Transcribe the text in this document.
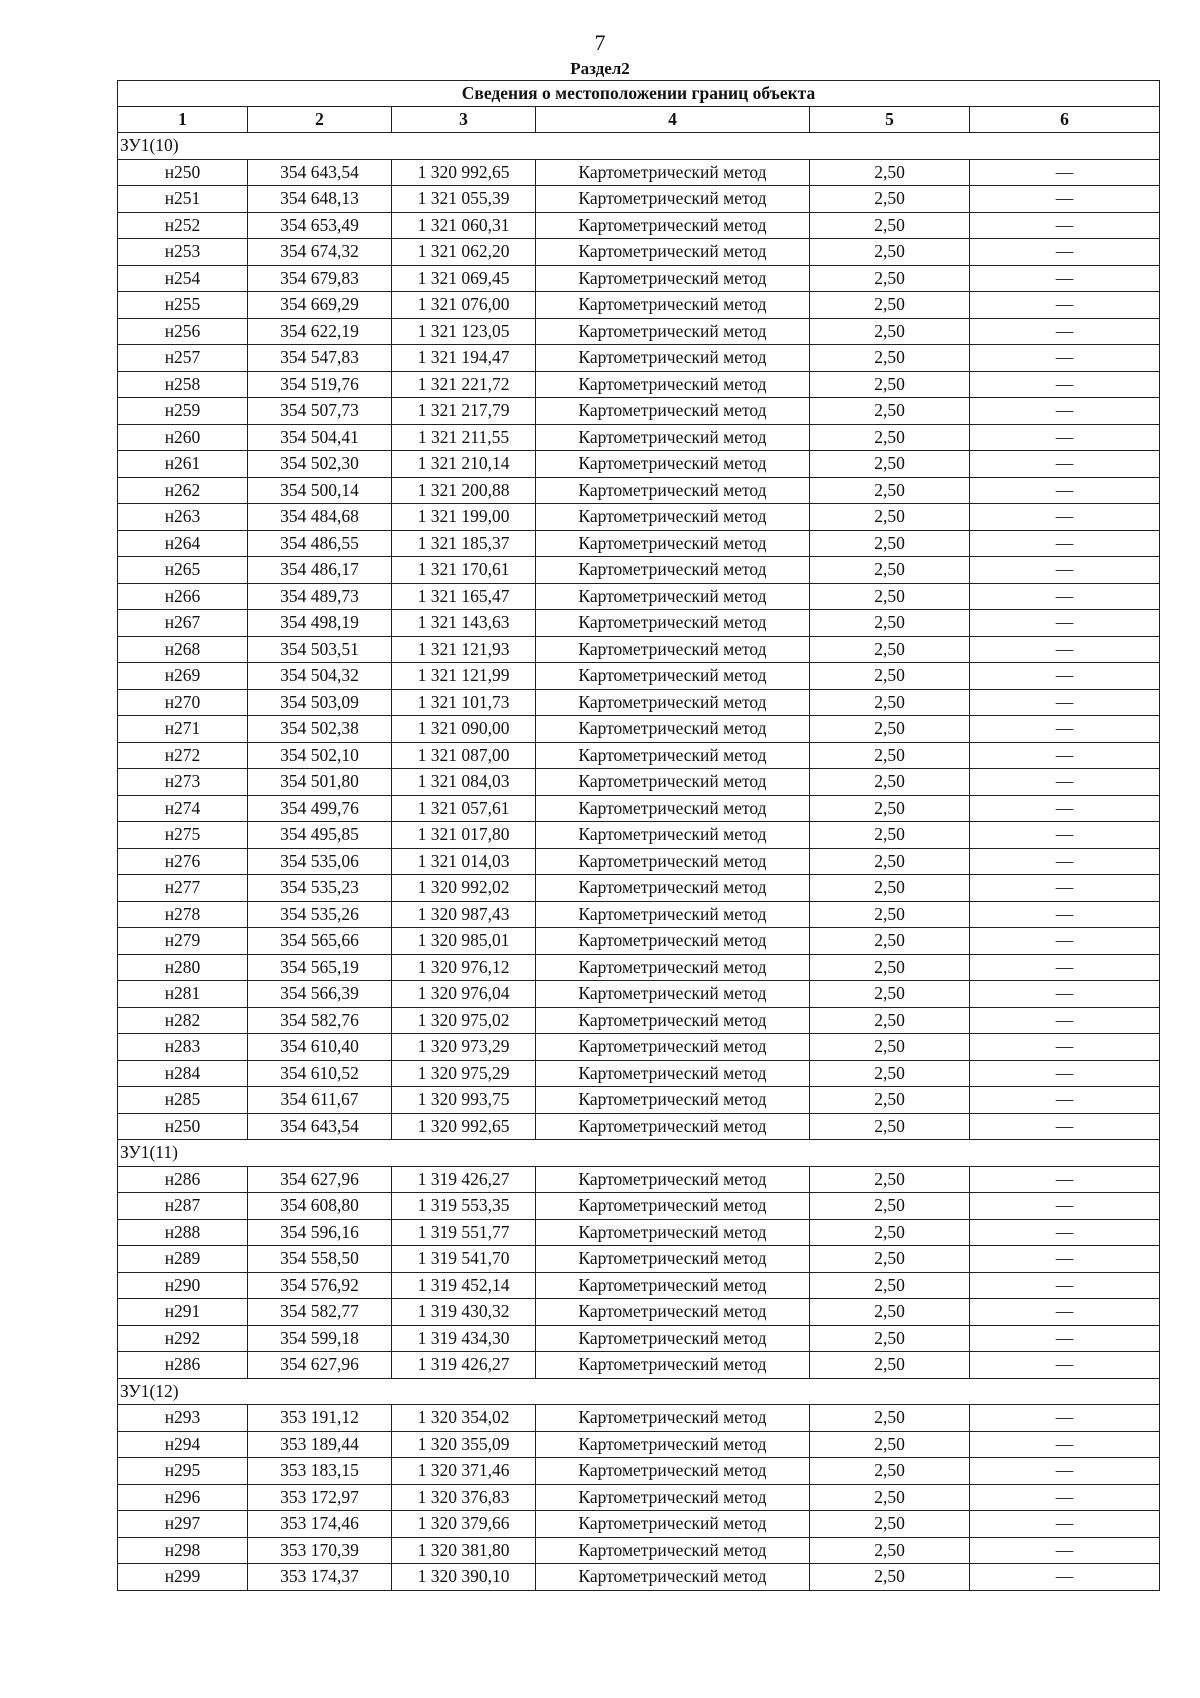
7
Раздел2
Сведения о местоположении границ объекта					
1	2	3	4	5	6
ЗУ1(10)					
н250	354 643,54	1 320 992,65	Картометрический метод	2,50	—
н251	354 648,13	1 321 055,39	Картометрический метод	2,50	—
н252	354 653,49	1 321 060,31	Картометрический метод	2,50	—
н253	354 674,32	1 321 062,20	Картометрический метод	2,50	—
н254	354 679,83	1 321 069,45	Картометрический метод	2,50	—
н255	354 669,29	1 321 076,00	Картометрический метод	2,50	—
н256	354 622,19	1 321 123,05	Картометрический метод	2,50	—
н257	354 547,83	1 321 194,47	Картометрический метод	2,50	—
н258	354 519,76	1 321 221,72	Картометрический метод	2,50	—
н259	354 507,73	1 321 217,79	Картометрический метод	2,50	—
н260	354 504,41	1 321 211,55	Картометрический метод	2,50	—
н261	354 502,30	1 321 210,14	Картометрический метод	2,50	—
н262	354 500,14	1 321 200,88	Картометрический метод	2,50	—
н263	354 484,68	1 321 199,00	Картометрический метод	2,50	—
н264	354 486,55	1 321 185,37	Картометрический метод	2,50	—
н265	354 486,17	1 321 170,61	Картометрический метод	2,50	—
н266	354 489,73	1 321 165,47	Картометрический метод	2,50	—
н267	354 498,19	1 321 143,63	Картометрический метод	2,50	—
н268	354 503,51	1 321 121,93	Картометрический метод	2,50	—
н269	354 504,32	1 321 121,99	Картометрический метод	2,50	—
н270	354 503,09	1 321 101,73	Картометрический метод	2,50	—
н271	354 502,38	1 321 090,00	Картометрический метод	2,50	—
н272	354 502,10	1 321 087,00	Картометрический метод	2,50	—
н273	354 501,80	1 321 084,03	Картометрический метод	2,50	—
н274	354 499,76	1 321 057,61	Картометрический метод	2,50	—
н275	354 495,85	1 321 017,80	Картометрический метод	2,50	—
н276	354 535,06	1 321 014,03	Картометрический метод	2,50	—
н277	354 535,23	1 320 992,02	Картометрический метод	2,50	—
н278	354 535,26	1 320 987,43	Картометрический метод	2,50	—
н279	354 565,66	1 320 985,01	Картометрический метод	2,50	—
н280	354 565,19	1 320 976,12	Картометрический метод	2,50	—
н281	354 566,39	1 320 976,04	Картометрический метод	2,50	—
н282	354 582,76	1 320 975,02	Картометрический метод	2,50	—
н283	354 610,40	1 320 973,29	Картометрический метод	2,50	—
н284	354 610,52	1 320 975,29	Картометрический метод	2,50	—
н285	354 611,67	1 320 993,75	Картометрический метод	2,50	—
н250	354 643,54	1 320 992,65	Картометрический метод	2,50	—
ЗУ1(11)					
н286	354 627,96	1 319 426,27	Картометрический метод	2,50	—
н287	354 608,80	1 319 553,35	Картометрический метод	2,50	—
н288	354 596,16	1 319 551,77	Картометрический метод	2,50	—
н289	354 558,50	1 319 541,70	Картометрический метод	2,50	—
н290	354 576,92	1 319 452,14	Картометрический метод	2,50	—
н291	354 582,77	1 319 430,32	Картометрический метод	2,50	—
н292	354 599,18	1 319 434,30	Картометрический метод	2,50	—
н286	354 627,96	1 319 426,27	Картометрический метод	2,50	—
ЗУ1(12)					
н293	353 191,12	1 320 354,02	Картометрический метод	2,50	—
н294	353 189,44	1 320 355,09	Картометрический метод	2,50	—
н295	353 183,15	1 320 371,46	Картометрический метод	2,50	—
н296	353 172,97	1 320 376,83	Картометрический метод	2,50	—
н297	353 174,46	1 320 379,66	Картометрический метод	2,50	—
н298	353 170,39	1 320 381,80	Картометрический метод	2,50	—
н299	353 174,37	1 320 390,10	Картометрический метод	2,50	—
